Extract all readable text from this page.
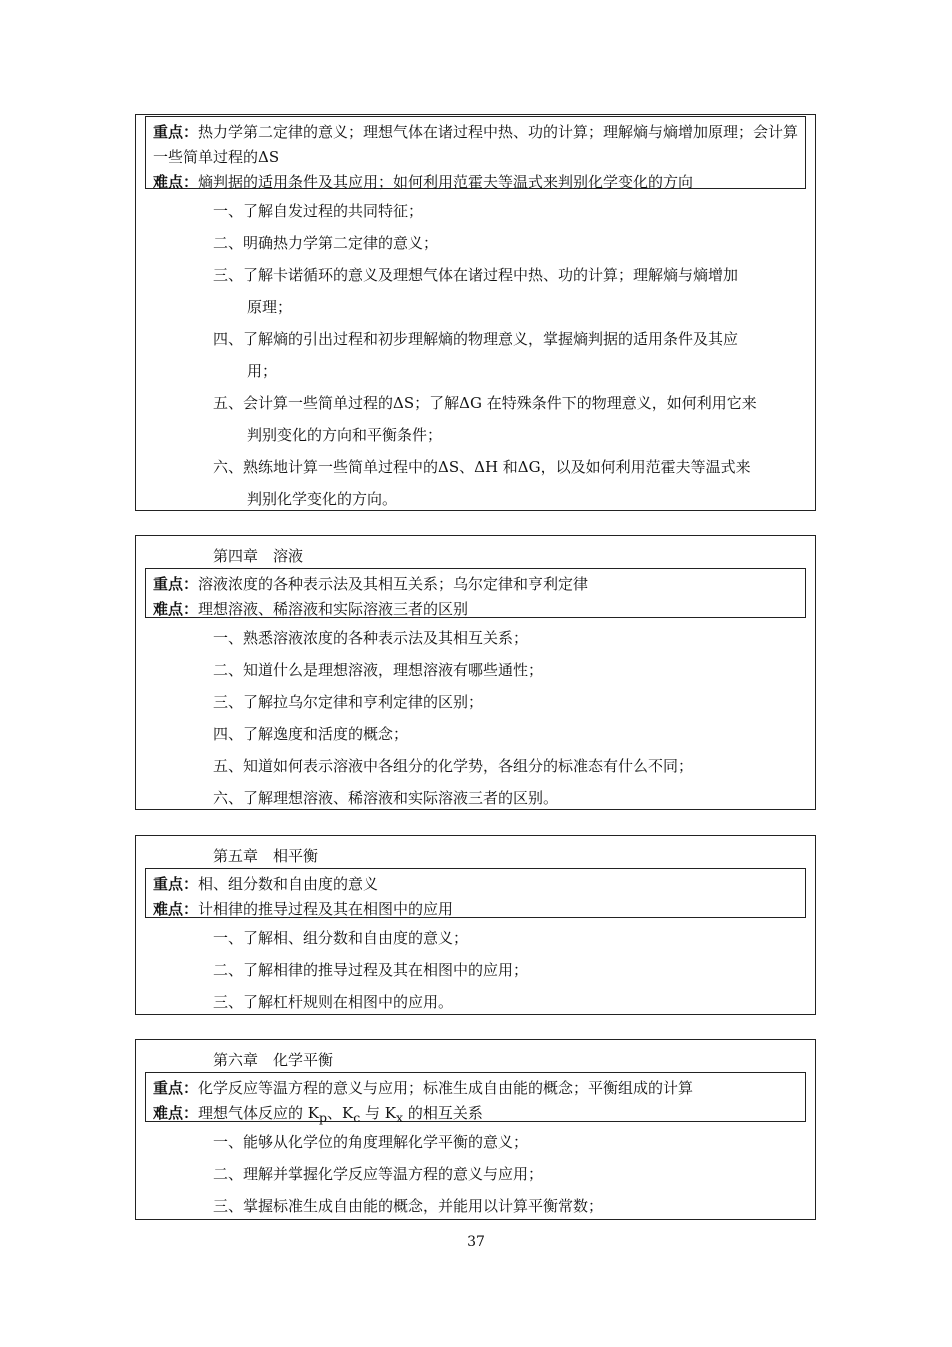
重点：热力学第二定律的意义；理想气体在诸过程中热、功的计算；理解熵与熵增加原理；会计算一些简单过程的ΔS
难点：熵判据的适用条件及其应用；如何利用范霍夫等温式来判别化学变化的方向
一、了解自发过程的共同特征；
二、明确热力学第二定律的意义；
三、了解卡诺循环的意义及理想气体在诸过程中热、功的计算；理解熵与熵增加
原理；
四、了解熵的引出过程和初步理解熵的物理意义，掌握熵判据的适用条件及其应
用；
五、会计算一些简单过程的ΔS；了解ΔG 在特殊条件下的物理意义，如何利用它来
判别变化的方向和平衡条件；
六、熟练地计算一些简单过程中的ΔS、ΔH 和ΔG，以及如何利用范霍夫等温式来
判别化学变化的方向。
第四章　溶液
重点：溶液浓度的各种表示法及其相互关系；乌尔定律和亨利定律
难点：理想溶液、稀溶液和实际溶液三者的区别
一、熟悉溶液浓度的各种表示法及其相互关系；
二、知道什么是理想溶液，理想溶液有哪些通性；
三、了解拉乌尔定律和亨利定律的区别；
四、了解逸度和活度的概念；
五、知道如何表示溶液中各组分的化学势，各组分的标准态有什么不同；
六、了解理想溶液、稀溶液和实际溶液三者的区别。
第五章　相平衡
重点：相、组分数和自由度的意义
难点：计相律的推导过程及其在相图中的应用
一、了解相、组分数和自由度的意义；
二、了解相律的推导过程及其在相图中的应用；
三、了解杠杆规则在相图中的应用。
第六章　化学平衡
重点：化学反应等温方程的意义与应用；标准生成自由能的概念；平衡组成的计算
难点：理想气体反应的 $K_p$、$K_c$ 与 $K_x$ 的相互关系
一、能够从化学位的角度理解化学平衡的意义；
二、理解并掌握化学反应等温方程的意义与应用；
三、掌握标准生成自由能的概念，并能用以计算平衡常数；
37
